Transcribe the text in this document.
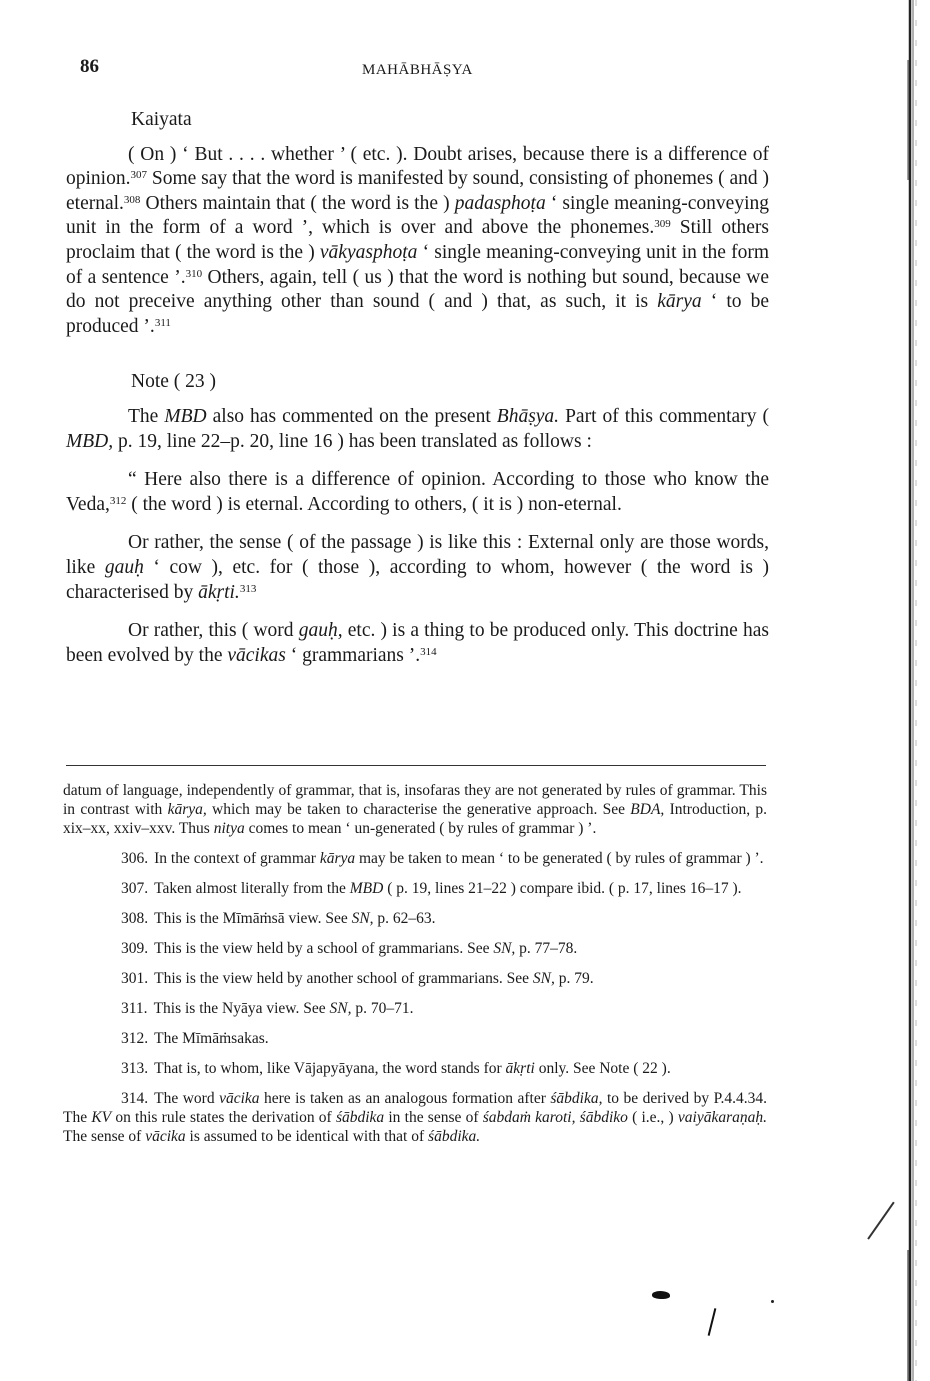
86	MAHĀBHĀṢYA

Kaiyata

( On ) ‘ But . . . . whether ’ ( etc. ). Doubt arises, because there is a difference of opinion.$^{307}$ Some say that the word is manifested by sound, consisting of phonemes ( and ) eternal.$^{308}$ Others maintain that ( the word is the ) padasphoṭa ‘ single meaning-conveying unit in the form of a word ’, which is over and above the phonemes.$^{309}$ Still others proclaim that ( the word is the ) vākyasphoṭa ‘ single meaning-conveying unit in the form of a sentence ’.$^{310}$ Others, again, tell ( us ) that the word is nothing but sound, because we do not preceive anything other than sound ( and ) that, as such, it is kārya ‘ to be produced ’.$^{311}$

Note ( 23 )

The MBD also has commented on the present Bhāṣya. Part of this commentary ( MBD, p. 19, line 22–p. 20, line 16 ) has been translated as follows :

“ Here also there is a difference of opinion. According to those who know the Veda,$^{312}$ ( the word ) is eternal. According to others, ( it is ) non-eternal.

Or rather, the sense ( of the passage ) is like this : External only are those words, like gauḥ ‘ cow ), etc. for ( those ), according to whom, however ( the word is ) characterised by ākṛti.$^{313}$

Or rather, this ( word gauḥ, etc. ) is a thing to be produced only. This doctrine has been evolved by the vācikas ‘ grammarians ’.$^{314}$

datum of language, independently of grammar, that is, insofaras they are not generated by rules of grammar. This in contrast with kārya, which may be taken to characterise the generative approach. See BDA, Introduction, p. xix–xx, xxiv–xxv. Thus nitya comes to mean ‘ un-generated ( by rules of grammar ) ’.

306. In the context of grammar kārya may be taken to mean ‘ to be generated ( by rules of grammar ) ’.

307. Taken almost literally from the MBD ( p. 19, lines 21–22 ) compare ibid. ( p. 17, lines 16–17 ).

308. This is the Mīmāṁsā view. See SN, p. 62–63.

309. This is the view held by a school of grammarians. See SN, p. 77–78.

301. This is the view held by another school of grammarians. See SN, p. 79.

311. This is the Nyāya view. See SN, p. 70–71.

312. The Mīmāṁsakas.

313. That is, to whom, like Vājapyāyana, the word stands for ākṛti only. See Note ( 22 ).

314. The word vācika here is taken as an analogous formation after śābdika, to be derived by P.4.4.34. The KV on this rule states the derivation of śābdika in the sense of śabdaṁ karoti, śābdiko ( i.e., ) vaiyākaraṇaḥ. The sense of vācika is assumed to be identical with that of śābdika.
